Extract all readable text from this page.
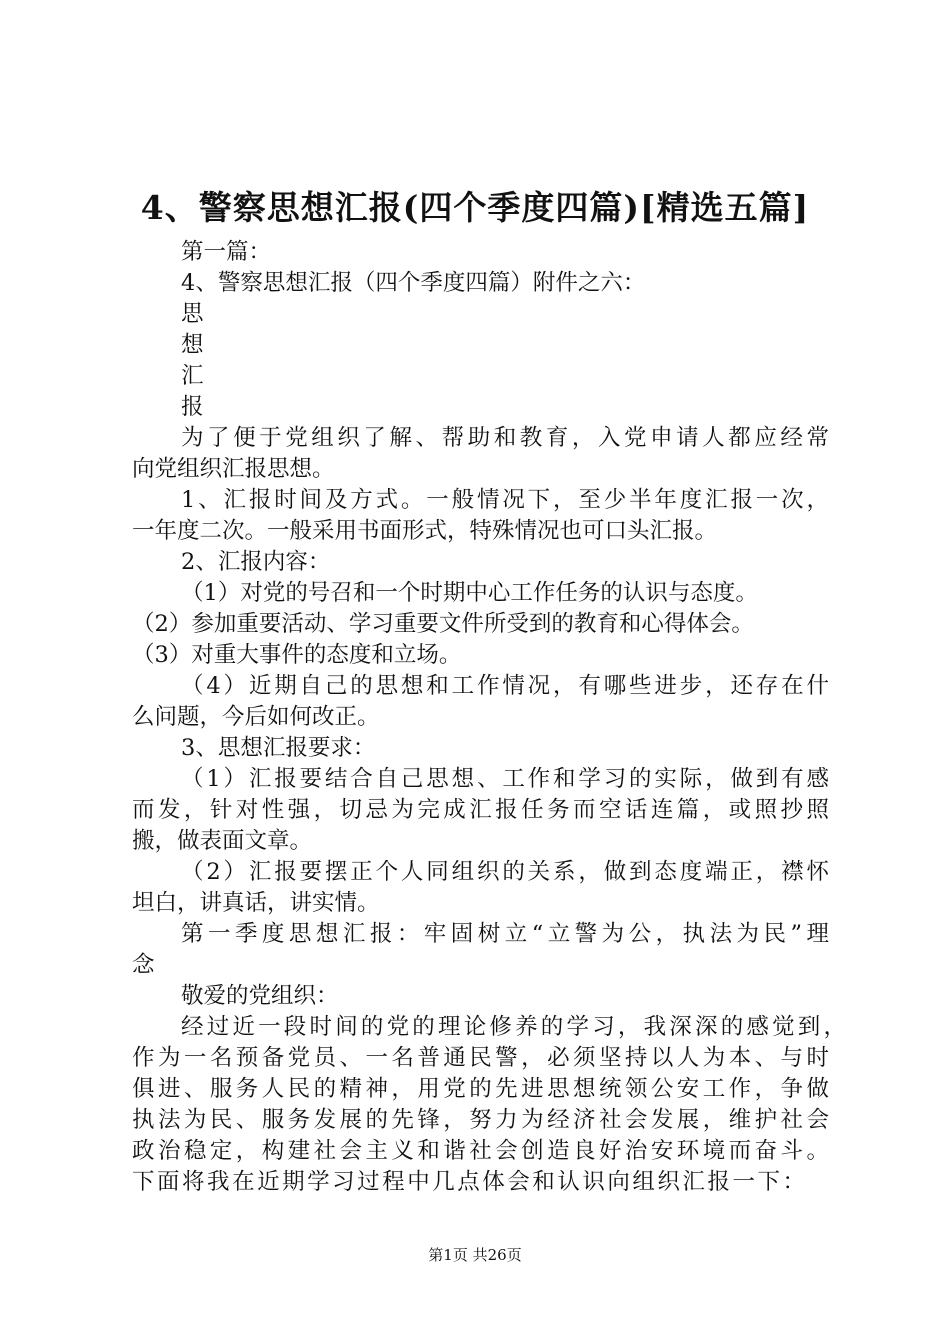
4、警察思想汇报(四个季度四篇)[精选五篇]
第一篇：
4、警察思想汇报（四个季度四篇）附件之六：
思
想
汇
报
为了便于党组织了解、帮助和教育，入党申请人都应经常
向党组织汇报思想。
1、汇报时间及方式。一般情况下，至少半年度汇报一次，
一年度二次。一般采用书面形式，特殊情况也可口头汇报。
2、汇报内容：
（1）对党的号召和一个时期中心工作任务的认识与态度。
（2）参加重要活动、学习重要文件所受到的教育和心得体会。
（3）对重大事件的态度和立场。
（4）近期自己的思想和工作情况，有哪些进步，还存在什
么问题，今后如何改正。
3、思想汇报要求：
（1）汇报要结合自己思想、工作和学习的实际，做到有感
而发，针对性强，切忌为完成汇报任务而空话连篇，或照抄照
搬，做表面文章。
（2）汇报要摆正个人同组织的关系，做到态度端正，襟怀
坦白，讲真话，讲实情。
第一季度思想汇报：牢固树立“立警为公，执法为民”理
念
敬爱的党组织：
经过近一段时间的党的理论修养的学习，我深深的感觉到，
作为一名预备党员、一名普通民警，必须坚持以人为本、与时
俱进、服务人民的精神，用党的先进思想统领公安工作，争做
执法为民、服务发展的先锋，努力为经济社会发展，维护社会
政治稳定，构建社会主义和谐社会创造良好治安环境而奋斗。
下面将我在近期学习过程中几点体会和认识向组织汇报一下：
第1页 共26页
